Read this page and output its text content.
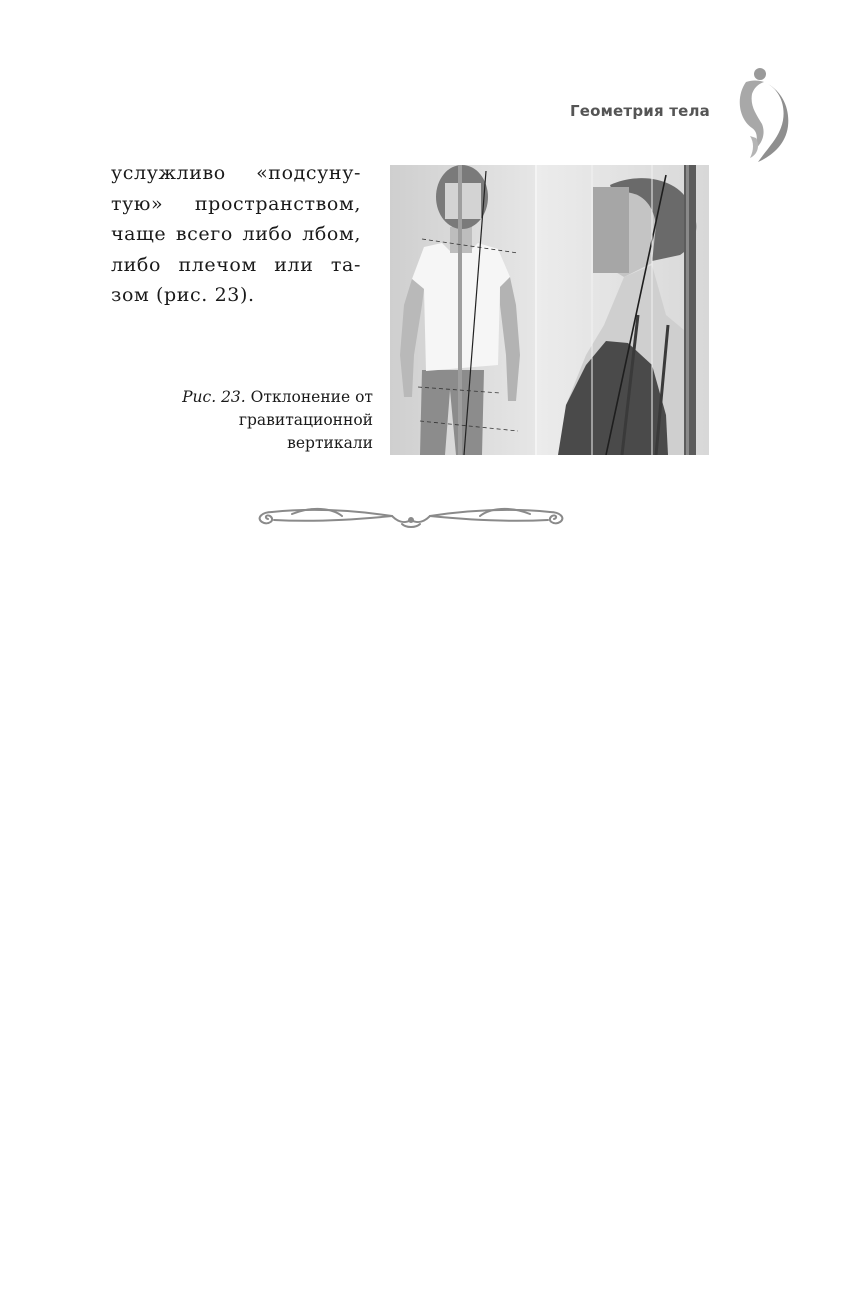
Геометрия тела
услужливо «подсуну-
тую» пространством,
чаще всего либо лбом,
либо плечом или та-
зом (рис. 23).
Рис. 23. Отклонение от гравитационной вертикали
